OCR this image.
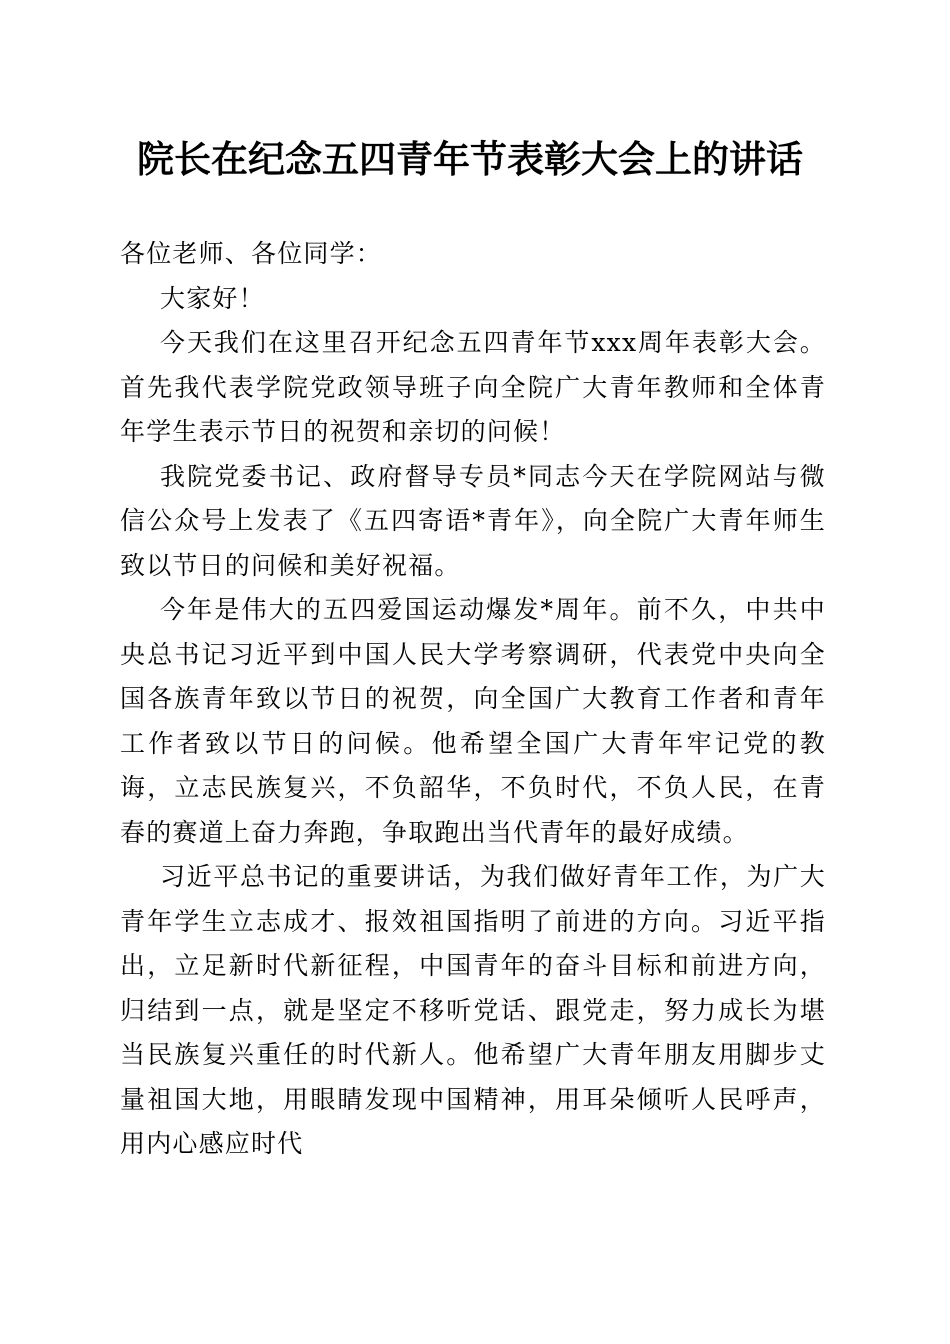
院长在纪念五四青年节表彰大会上的讲话

各位老师、各位同学：

大家好！

今天我们在这里召开纪念五四青年节xxx周年表彰大会。首先我代表学院党政领导班子向全院广大青年教师和全体青年学生表示节日的祝贺和亲切的问候！

我院党委书记、政府督导专员*同志今天在学院网站与微信公众号上发表了《五四寄语*青年》，向全院广大青年师生致以节日的问候和美好祝福。

今年是伟大的五四爱国运动爆发*周年。前不久，中共中央总书记习近平到中国人民大学考察调研，代表党中央向全国各族青年致以节日的祝贺，向全国广大教育工作者和青年工作者致以节日的问候。他希望全国广大青年牢记党的教诲，立志民族复兴，不负韶华，不负时代，不负人民，在青春的赛道上奋力奔跑，争取跑出当代青年的最好成绩。

习近平总书记的重要讲话，为我们做好青年工作，为广大青年学生立志成才、报效祖国指明了前进的方向。习近平指出，立足新时代新征程，中国青年的奋斗目标和前进方向，归结到一点，就是坚定不移听党话、跟党走，努力成长为堪当民族复兴重任的时代新人。他希望广大青年朋友用脚步丈量祖国大地，用眼睛发现中国精神，用耳朵倾听人民呼声，用内心感应时代
